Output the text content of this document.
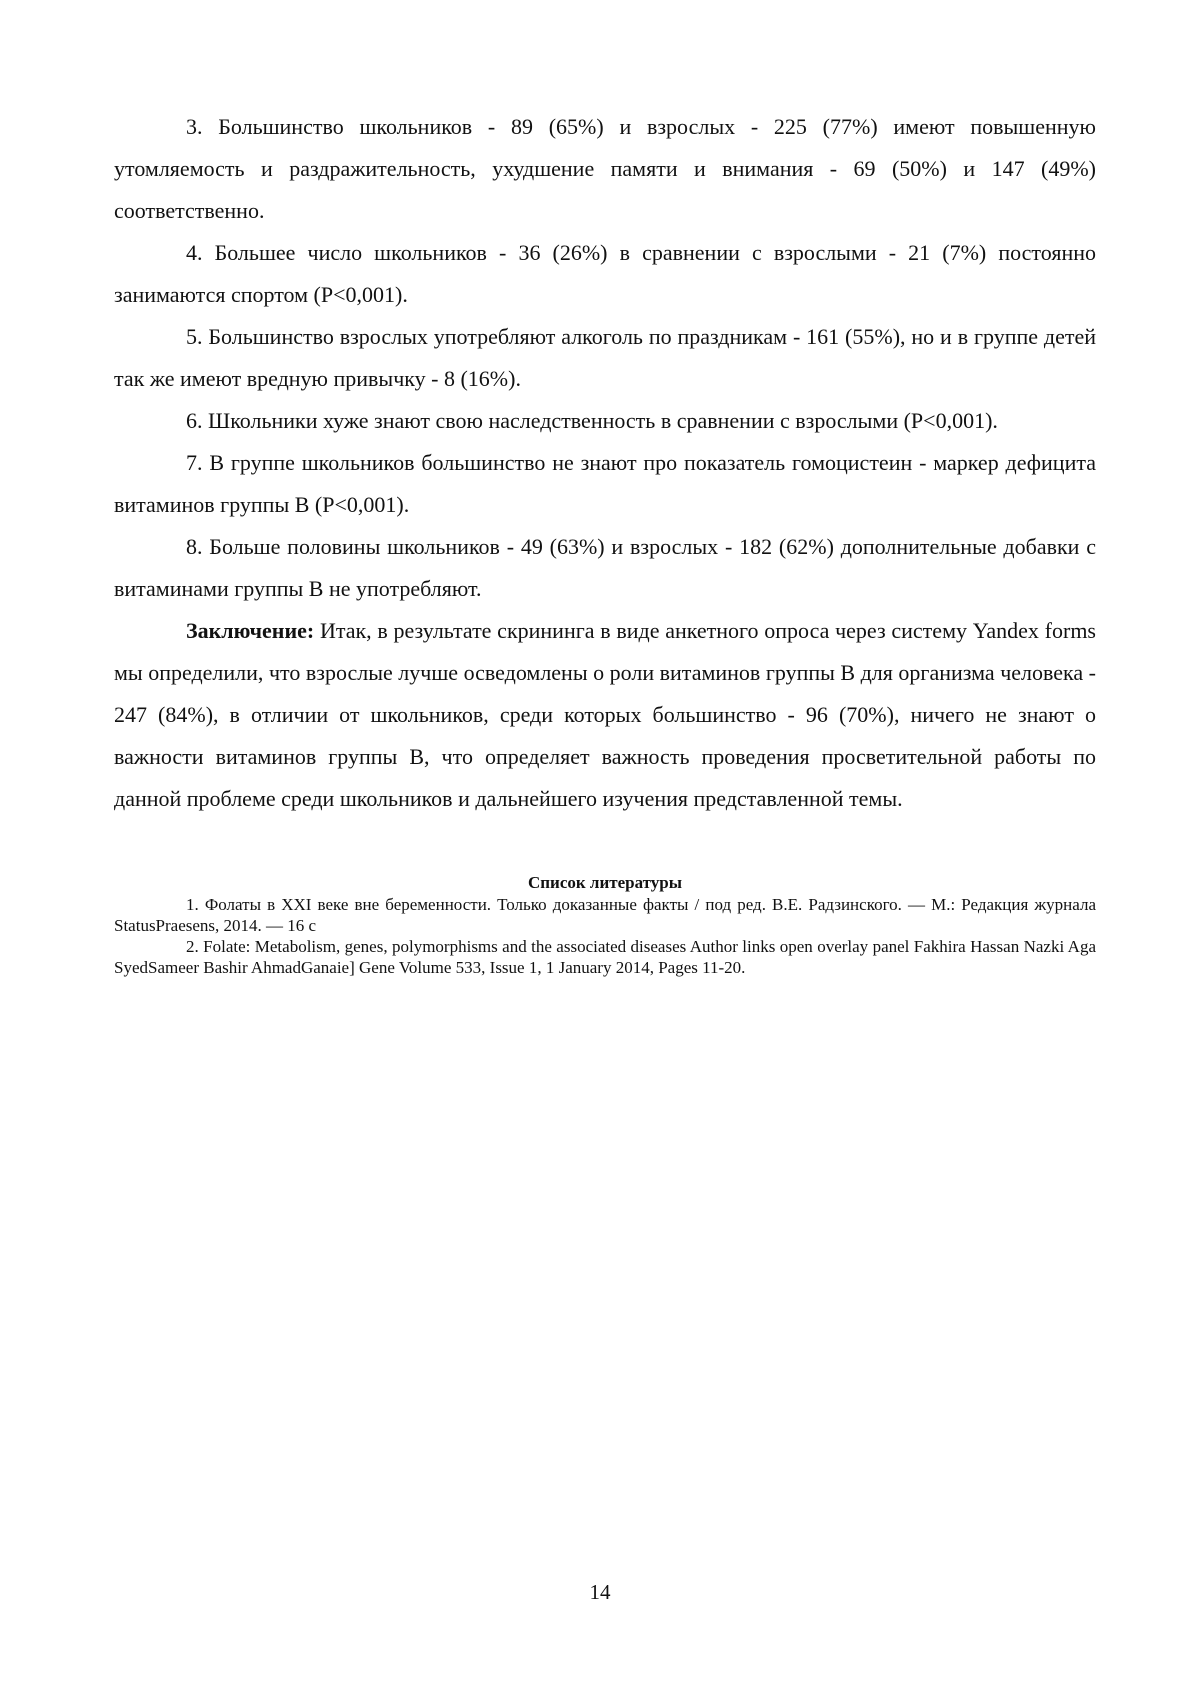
3. Большинство школьников - 89 (65%) и взрослых - 225 (77%) имеют повышенную утомляемость и раздражительность, ухудшение памяти и внимания - 69 (50%) и 147 (49%) соответственно.

4. Большее число школьников - 36 (26%) в сравнении с взрослыми - 21 (7%) постоянно занимаются спортом (P<0,001).

5. Большинство взрослых употребляют алкоголь по праздникам - 161 (55%), но и в группе детей так же имеют вредную привычку - 8 (16%).

6. Школьники хуже знают свою наследственность в сравнении с взрослыми (P<0,001).

7. В группе школьников большинство не знают про показатель гомоцистеин - маркер дефицита витаминов группы В (P<0,001).

8. Больше половины школьников - 49 (63%) и взрослых - 182 (62%) дополнительные добавки с витаминами группы В не употребляют.

Заключение: Итак, в результате скрининга в виде анкетного опроса через систему Yandex forms мы определили, что взрослые лучше осведомлены о роли витаминов группы В для организма человека - 247 (84%), в отличии от школьников, среди которых большинство - 96 (70%), ничего не знают о важности витаминов группы В, что определяет важность проведения просветительной работы по данной проблеме среди школьников и дальнейшего изучения представленной темы.

Список литературы

1. Фолаты в XXI веке вне беременности. Только доказанные факты / под ред. В.Е. Радзинского. — М.: Редакция журнала StatusPraesens, 2014. — 16 с

2. Folate: Metabolism, genes, polymorphisms and the associated diseases Author links open overlay panel Fakhira Hassan Nazki Aga SyedSameer Bashir AhmadGanaie] Gene Volume 533, Issue 1, 1 January 2014, Pages 11-20.

14
